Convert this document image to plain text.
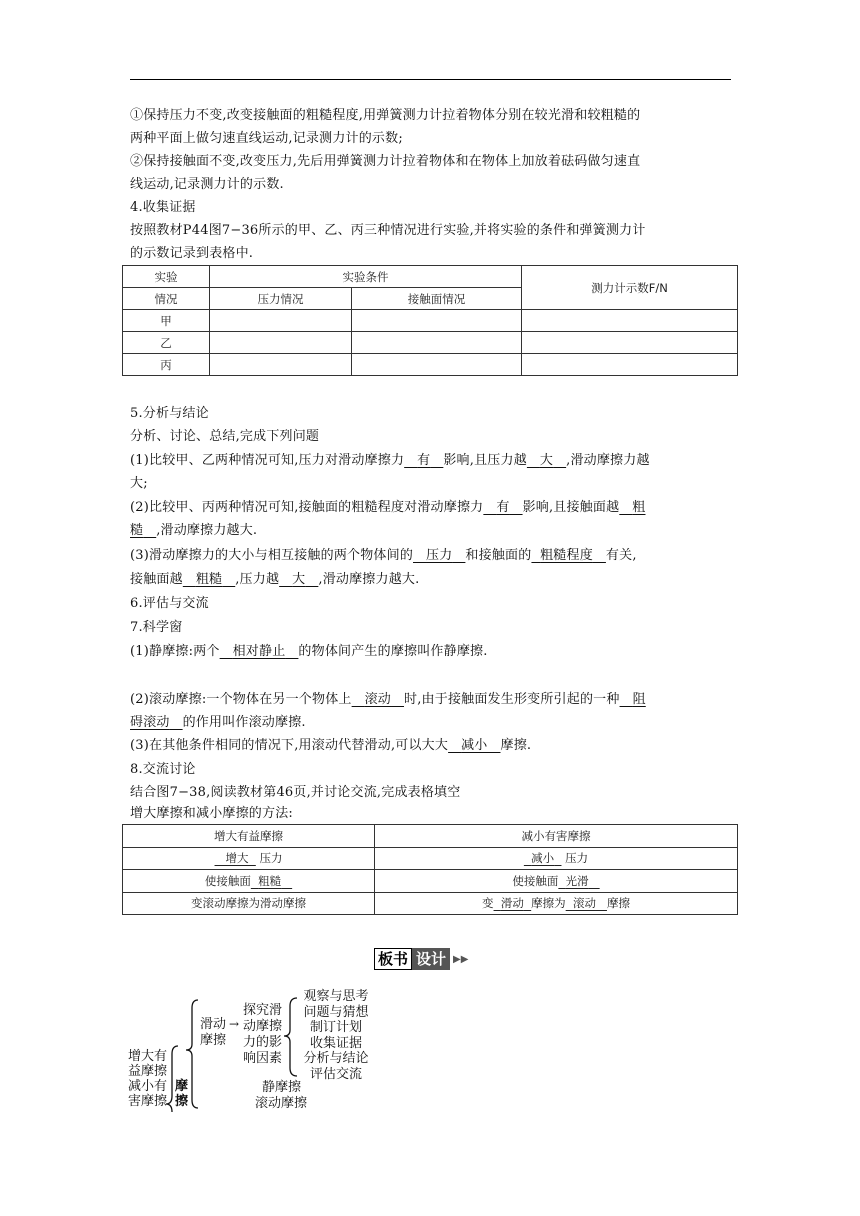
①保持压力不变,改变接触面的粗糙程度,用弹簧测力计拉着物体分别在较光滑和较粗糙的
两种平面上做匀速直线运动,记录测力计的示数;
②保持接触面不变,改变压力,先后用弹簧测力计拉着物体和在物体上加放着砝码做匀速直
线运动,记录测力计的示数.
4.收集证据
按照教材P44图7−36所示的甲、乙、丙三种情况进行实验,并将实验的条件和弹簧测力计
的示数记录到表格中.
实验	实验条件		测力计示数F/N
情况	压力情况	接触面情况	
甲			
乙			
丙			
5.分析与结论
分析、讨论、总结,完成下列问题
(1)比较甲、乙两种情况可知,压力对滑动摩擦力 有 影响,且压力越 大 ,滑动摩擦力越
大;
(2)比较甲、丙两种情况可知,接触面的粗糙程度对滑动摩擦力 有 影响,且接触面越 粗
糙 ,滑动摩擦力越大.
(3)滑动摩擦力的大小与相互接触的两个物体间的 压力 和接触面的 粗糙程度 有关,
接触面越 粗糙 ,压力越 大 ,滑动摩擦力越大.
6.评估与交流
7.科学窗
(1)静摩擦:两个 相对静止 的物体间产生的摩擦叫作静摩擦.
(2)滚动摩擦:一个物体在另一个物体上 滚动 时,由于接触面发生形变所引起的一种 阻
碍滚动 的作用叫作滚动摩擦.
(3)在其他条件相同的情况下,用滚动代替滑动,可以大大 减小 摩擦.
8.交流讨论
结合图7−38,阅读教材第46页,并讨论交流,完成表格填空
增大摩擦和减小摩擦的方法:
增大有益摩擦	减小有害摩擦
增大 压力	减小 压力
使接触面 粗糙	使接触面 光滑
变滚动摩擦为滑动摩擦	变 滑动 摩擦为 滚动 摩擦
板书 设计 ▶▶
增大有
益摩擦
减小有
害摩擦
摩
擦
滑动
摩擦
→
探究滑
动摩擦
力的影
响因素
观察与思考
问题与猜想
制订计划
收集证据
分析与结论
评估交流
静摩擦
滚动摩擦
